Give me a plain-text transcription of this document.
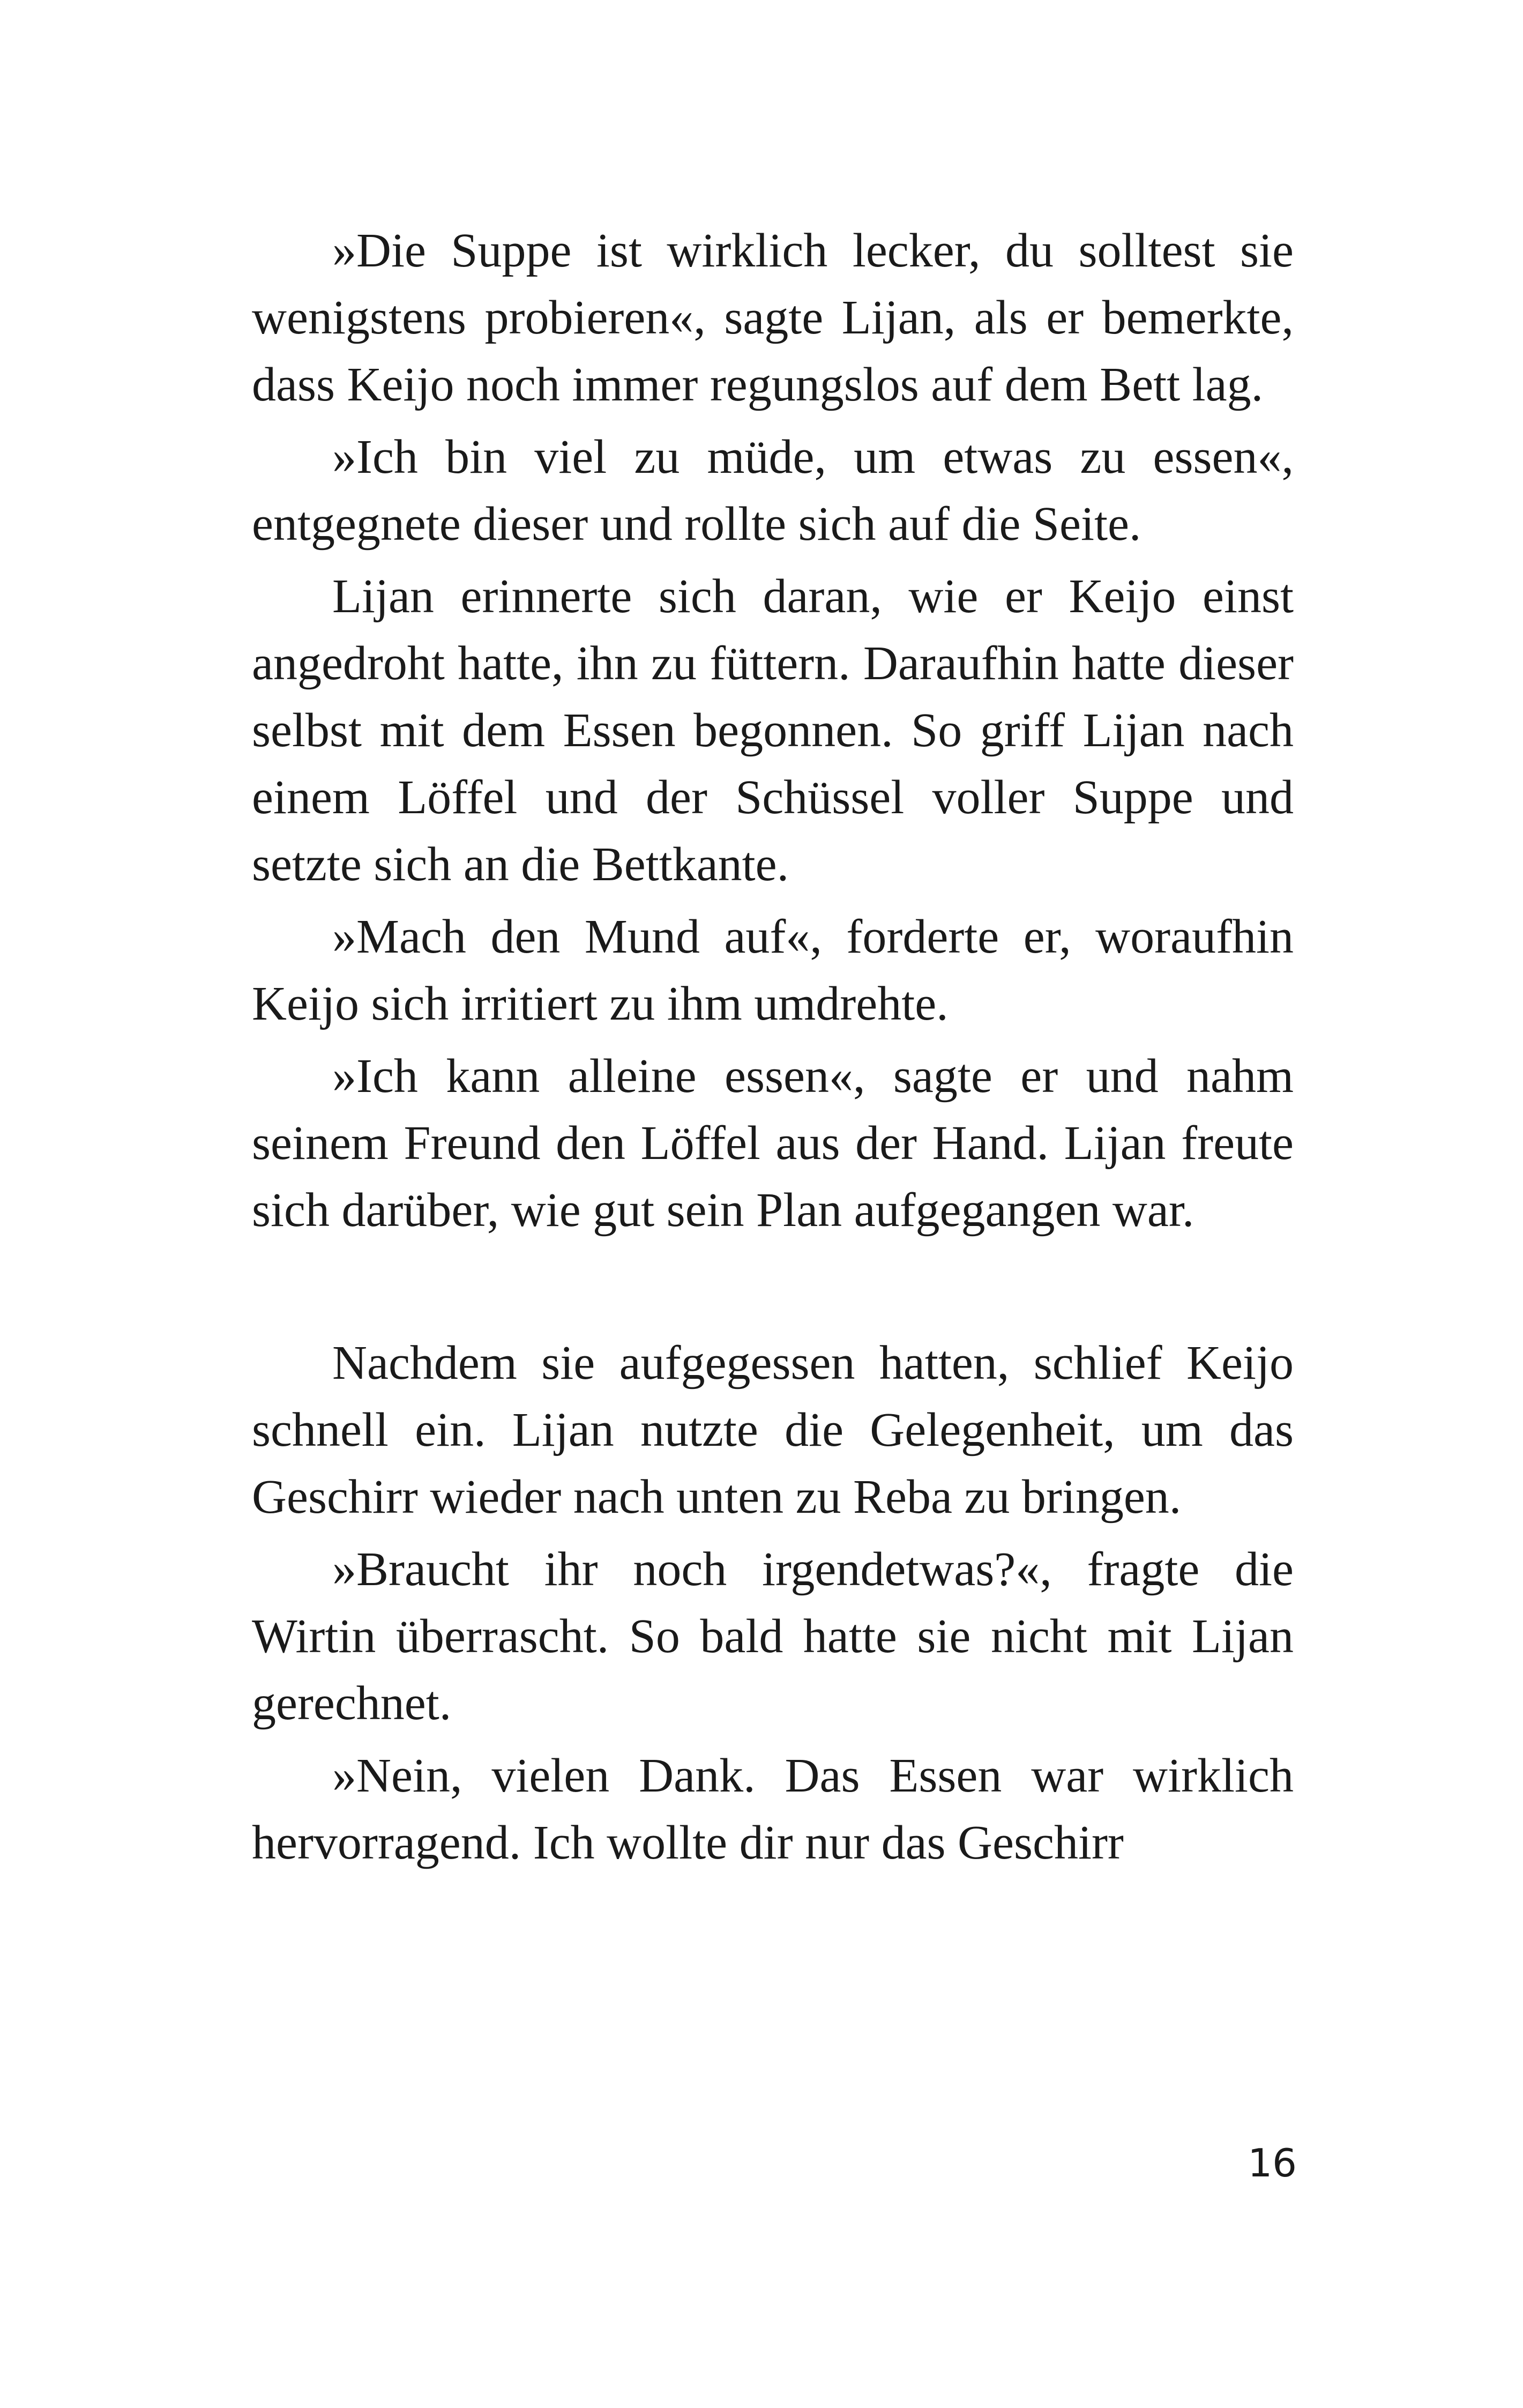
»Die Suppe ist wirklich lecker, du solltest sie wenigstens probieren«, sagte Lijan, als er bemerkte, dass Keijo noch immer regungslos auf dem Bett lag.

»Ich bin viel zu müde, um etwas zu essen«, entgegnete dieser und rollte sich auf die Seite.

Lijan erinnerte sich daran, wie er Keijo einst angedroht hatte, ihn zu füttern. Daraufhin hatte dieser selbst mit dem Essen begonnen. So griff Lijan nach einem Löffel und der Schüssel voller Suppe und setzte sich an die Bettkante.

»Mach den Mund auf«, forderte er, woraufhin Keijo sich irritiert zu ihm umdrehte.

»Ich kann alleine essen«, sagte er und nahm seinem Freund den Löffel aus der Hand. Lijan freute sich darüber, wie gut sein Plan aufgegangen war.

Nachdem sie aufgegessen hatten, schlief Keijo schnell ein. Lijan nutzte die Gelegenheit, um das Geschirr wieder nach unten zu Reba zu bringen.

»Braucht ihr noch irgendetwas?«, fragte die Wirtin überrascht. So bald hatte sie nicht mit Lijan gerechnet.

»Nein, vielen Dank. Das Essen war wirklich hervorragend. Ich wollte dir nur das Geschirr

16
